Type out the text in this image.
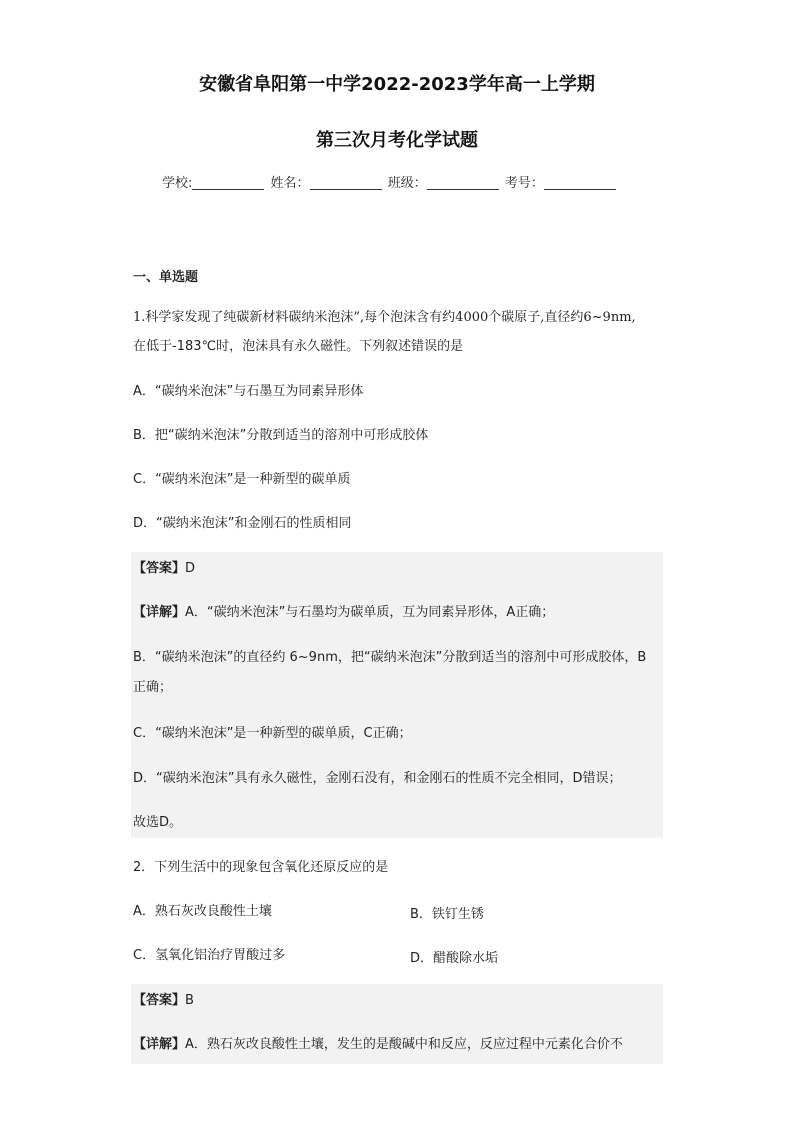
安徽省阜阳第一中学2022-2023学年高一上学期
第三次月考化学试题
学校:	姓名：	班级：	考号：
一、单选题
1.科学家发现了纯碳新材料碳纳米泡沫”,每个泡沫含有约4000个碳原子,直径约6~9nm,
在低于-183℃时，泡沫具有永久磁性。下列叙述错误的是
A．“碳纳米泡沫”与石墨互为同素异形体
B．把“碳纳米泡沫”分散到适当的溶剂中可形成胶体
C．“碳纳米泡沫”是一种新型的碳单质
D．“碳纳米泡沫”和金刚石的性质相同
【答案】D
【详解】A．“碳纳米泡沫”与石墨均为碳单质，互为同素异形体，A正确；
B．“碳纳米泡沫”的直径约 6~9nm，把“碳纳米泡沫”分散到适当的溶剂中可形成胶体，B
正确；
C．“碳纳米泡沫”是一种新型的碳单质，C正确；
D．“碳纳米泡沫”具有永久磁性，金刚石没有，和金刚石的性质不完全相同，D错误；
故选D。
2．下列生活中的现象包含氧化还原反应的是
A．熟石灰改良酸性土壤	B．铁钉生锈
C．氢氧化铝治疗胃酸过多	D．醋酸除水垢
【答案】B
【详解】A．熟石灰改良酸性土壤，发生的是酸碱中和反应，反应过程中元素化合价不
